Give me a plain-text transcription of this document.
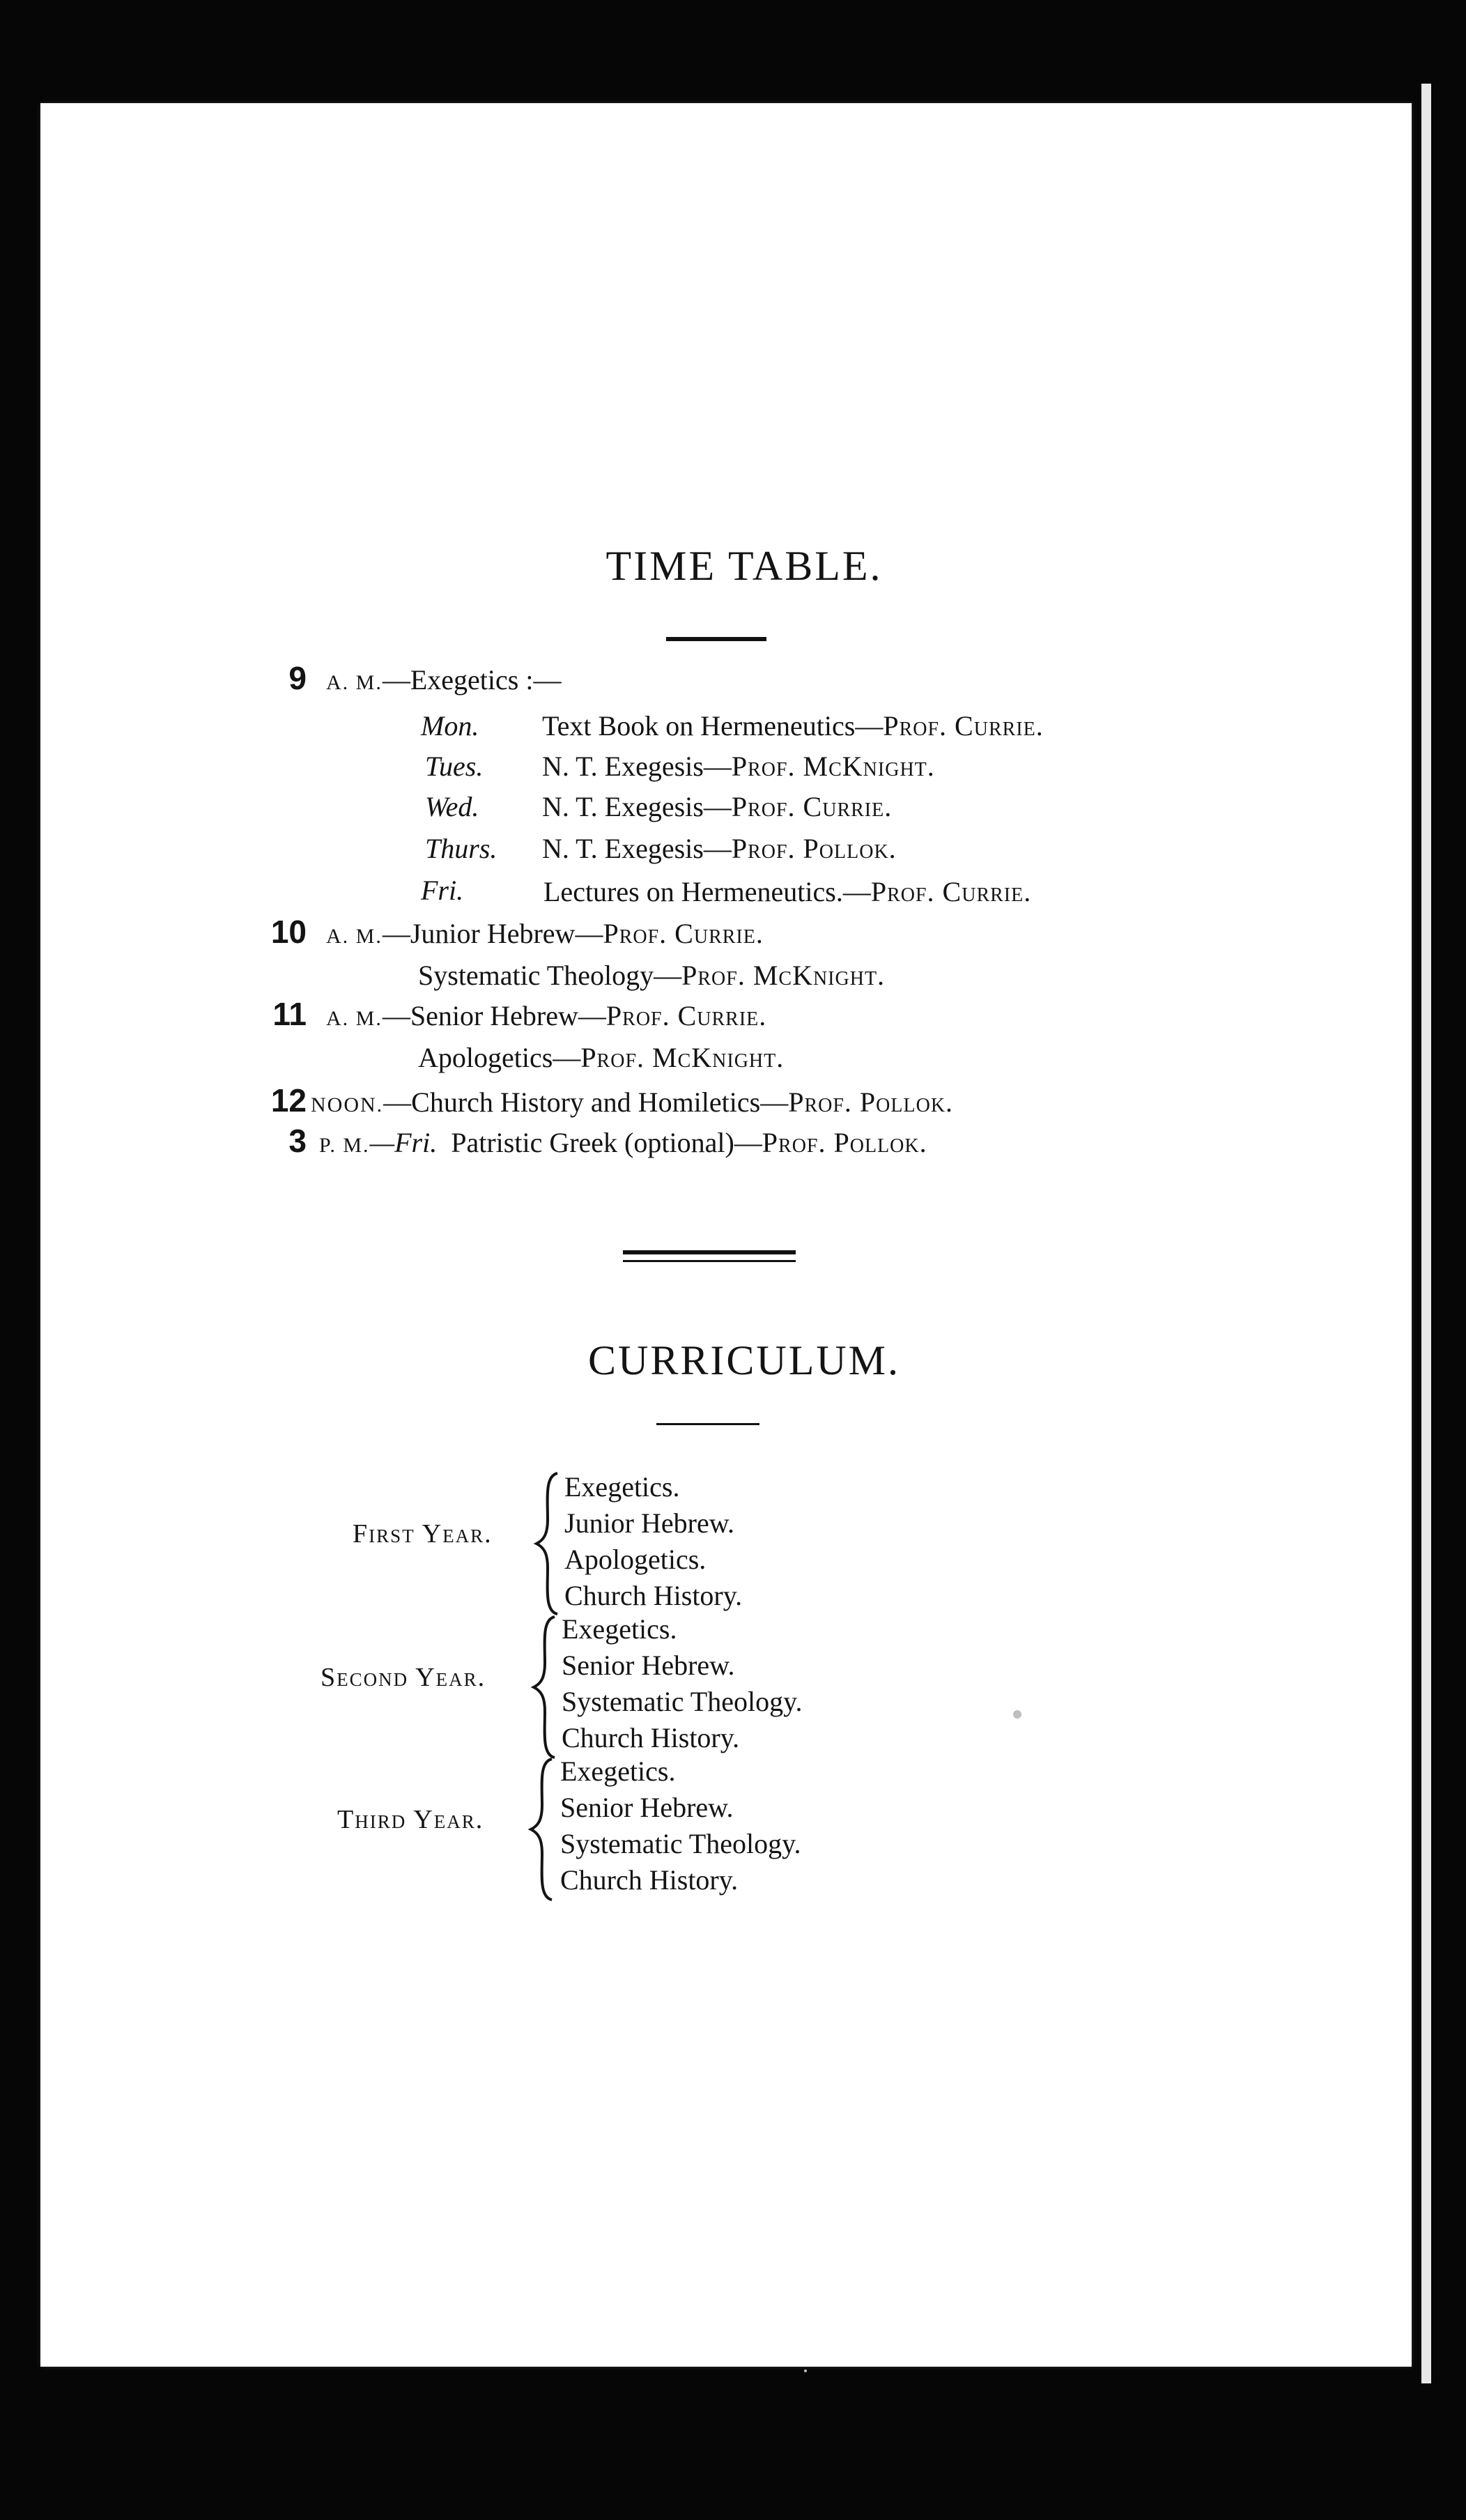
TIME TABLE.
9 A. M.—Exegetics :—
Mon. Text Book on Hermeneutics—Prof. Currie.
Tues. N. T. Exegesis—Prof. McKnight.
Wed. N. T. Exegesis—Prof. Currie.
Thurs. N. T. Exegesis—Prof. Pollok.
Fri.	Lectures on Hermeneutics.—Prof. Currie.
10 A. M.—Junior Hebrew—Prof. Currie.
Systematic Theology—Prof. McKnight.
11 A. M.—Senior Hebrew—Prof. Currie.
Apologetics—Prof. McKnight.
12 NOON.—Church History and Homiletics—Prof. Pollok.
3 P. M.—Fri. Patristic Greek (optional)—Prof. Pollok.
CURRICULUM.
First Year.
Exegetics.
Junior Hebrew.
Apologetics.
Church History.
Second Year.
Exegetics.
Senior Hebrew.
Systematic Theology.
Church History.
Third Year.
Exegetics.
Senior Hebrew.
Systematic Theology.
Church History.
